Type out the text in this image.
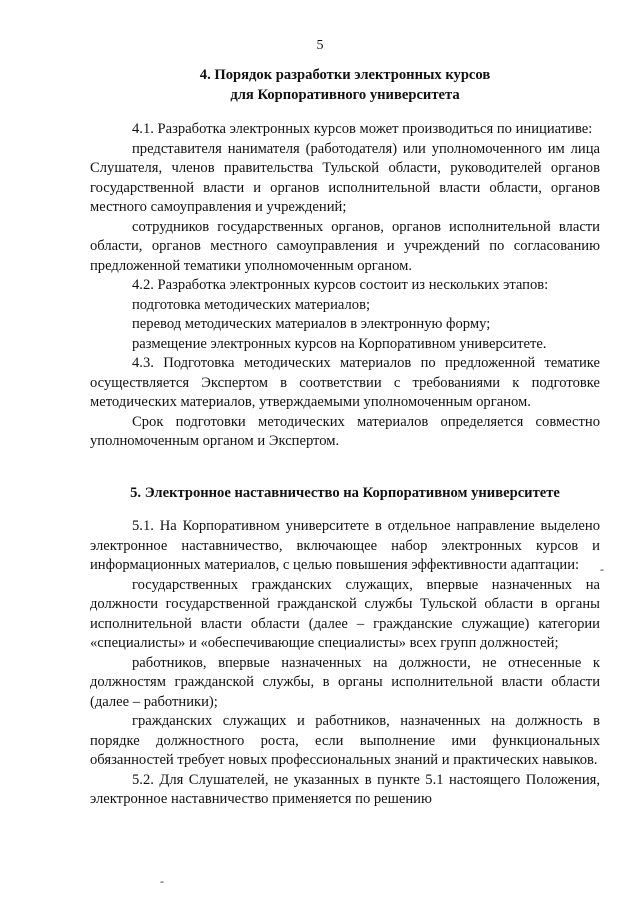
5
4. Порядок разработки электронных курсов
для Корпоративного университета

4.1. Разработка электронных курсов может производиться по инициативе:

представителя нанимателя (работодателя) или уполномоченного им лица Слушателя, членов правительства Тульской области, руководителей органов государственной власти и органов исполнительной власти области, органов местного самоуправления и учреждений;

сотрудников государственных органов, органов исполнительной власти области, органов местного самоуправления и учреждений по согласованию предложенной тематики уполномоченным органом.

4.2. Разработка электронных курсов состоит из нескольких этапов:

подготовка методических материалов;

перевод методических материалов в электронную форму;

размещение электронных курсов на Корпоративном университете.

4.3. Подготовка методических материалов по предложенной тематике осуществляется Экспертом в соответствии с требованиями к подготовке методических материалов, утверждаемыми уполномоченным органом.

Срок подготовки методических материалов определяется совместно уполномоченным органом и Экспертом.

5. Электронное наставничество на Корпоративном университете

5.1. На Корпоративном университете в отдельное направление выделено электронное наставничество, включающее набор электронных курсов и информационных материалов, с целью повышения эффективности адаптации:

государственных гражданских служащих, впервые назначенных на должности государственной гражданской службы Тульской области в органы исполнительной власти области (далее – гражданские служащие) категории «специалисты» и «обеспечивающие специалисты» всех групп должностей;

работников, впервые назначенных на должности, не отнесенные к должностям гражданской службы, в органы исполнительной власти области (далее – работники);

гражданских служащих и работников, назначенных на должность в порядке должностного роста, если выполнение ими функциональных обязанностей требует новых профессиональных знаний и практических навыков.

5.2. Для Слушателей, не указанных в пункте 5.1 настоящего Положения, электронное наставничество применяется по решению

-
-
